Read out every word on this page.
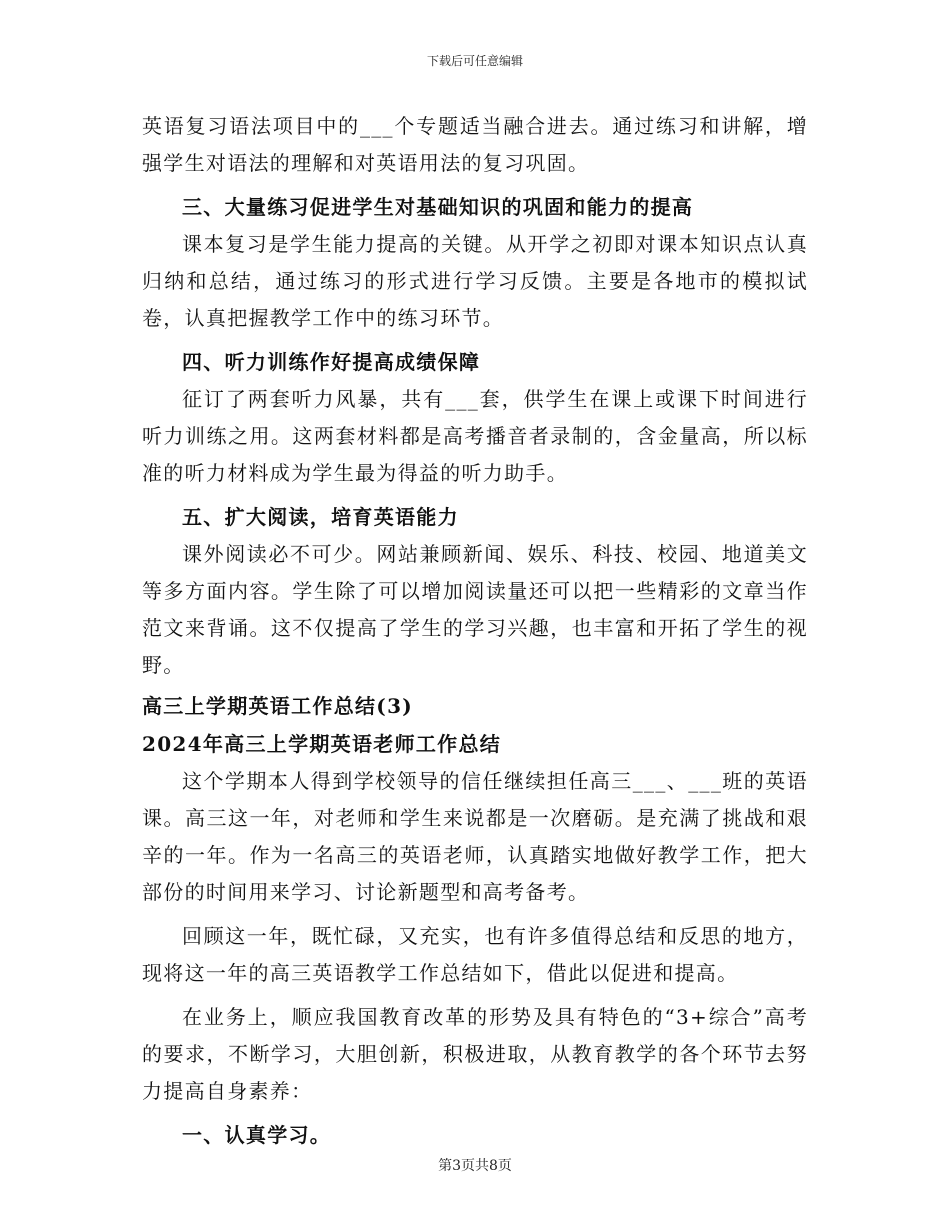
下载后可任意编辑

英语复习语法项目中的___个专题适当融合进去。通过练习和讲解，增强学生对语法的理解和对英语用法的复习巩固。

三、大量练习促进学生对基础知识的巩固和能力的提高

课本复习是学生能力提高的关键。从开学之初即对课本知识点认真归纳和总结，通过练习的形式进行学习反馈。主要是各地市的模拟试卷，认真把握教学工作中的练习环节。

四、听力训练作好提高成绩保障

征订了两套听力风暴，共有___套，供学生在课上或课下时间进行听力训练之用。这两套材料都是高考播音者录制的，含金量高，所以标准的听力材料成为学生最为得益的听力助手。

五、扩大阅读，培育英语能力

课外阅读必不可少。网站兼顾新闻、娱乐、科技、校园、地道美文等多方面内容。学生除了可以增加阅读量还可以把一些精彩的文章当作范文来背诵。这不仅提高了学生的学习兴趣，也丰富和开拓了学生的视野。

高三上学期英语工作总结(3)

2024年高三上学期英语老师工作总结

这个学期本人得到学校领导的信任继续担任高三___、___班的英语课。高三这一年，对老师和学生来说都是一次磨砺。是充满了挑战和艰辛的一年。作为一名高三的英语老师，认真踏实地做好教学工作，把大部份的时间用来学习、讨论新题型和高考备考。

回顾这一年，既忙碌，又充实，也有许多值得总结和反思的地方，现将这一年的高三英语教学工作总结如下，借此以促进和提高。

在业务上，顺应我国教育改革的形势及具有特色的“3+综合”高考的要求，不断学习，大胆创新，积极进取，从教育教学的各个环节去努力提高自身素养：

一、认真学习。

第3页共8页
